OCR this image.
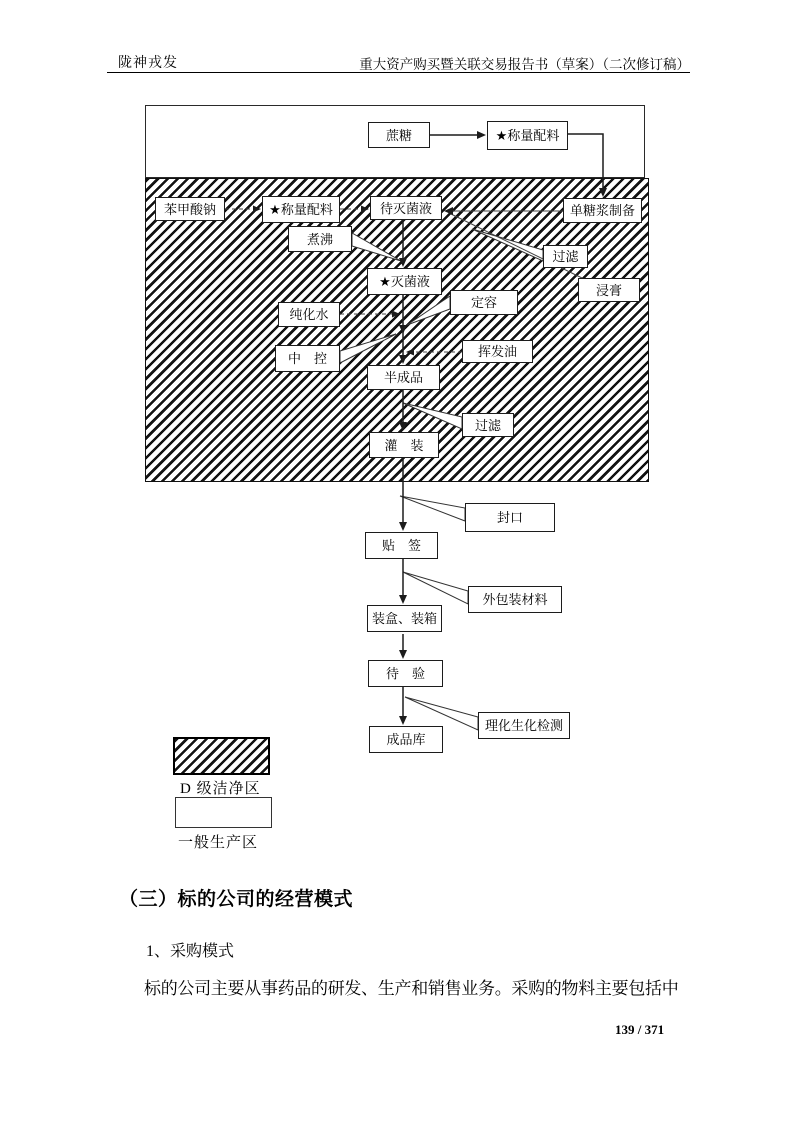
陇神戎发	重大资产购买暨关联交易报告书（草案）（二次修订稿）
蔗糖	★称量配料
苯甲酸钠	★称量配料	待灭菌液	单糖浆制备
煮沸
过滤
浸膏
★灭菌液
定容
纯化水
中　控	挥发油
半成品
过滤
灌　装
封口
贴　签
外包装材料
装盒、装箱
待　验
理化生化检测
成品库
D 级洁净区
一般生产区
（三）标的公司的经营模式
1、采购模式
标的公司主要从事药品的研发、生产和销售业务。采购的物料主要包括中
139 / 371
